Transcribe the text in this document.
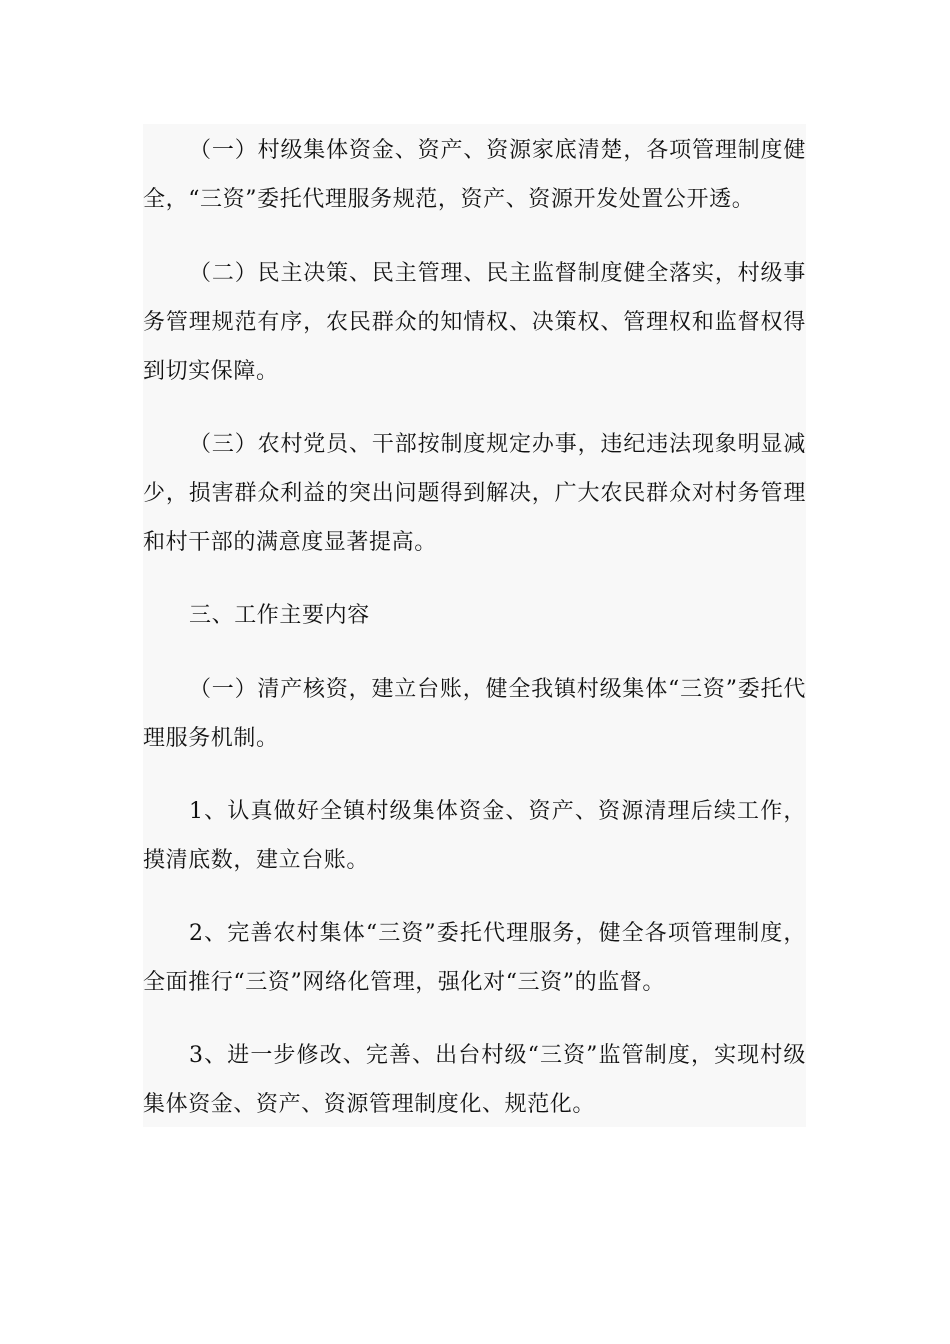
（一）村级集体资金、资产、资源家底清楚，各项管理制度健全，“三资”委托代理服务规范，资产、资源开发处置公开透。

（二）民主决策、民主管理、民主监督制度健全落实，村级事务管理规范有序，农民群众的知情权、决策权、管理权和监督权得到切实保障。

（三）农村党员、干部按制度规定办事，违纪违法现象明显减少，损害群众利益的突出问题得到解决，广大农民群众对村务管理和村干部的满意度显著提高。

三、工作主要内容

（一）清产核资，建立台账，健全我镇村级集体“三资”委托代理服务机制。

1、认真做好全镇村级集体资金、资产、资源清理后续工作，摸清底数，建立台账。

2、完善农村集体“三资”委托代理服务，健全各项管理制度，全面推行“三资”网络化管理，强化对“三资”的监督。

3、进一步修改、完善、出台村级“三资”监管制度，实现村级集体资金、资产、资源管理制度化、规范化。
